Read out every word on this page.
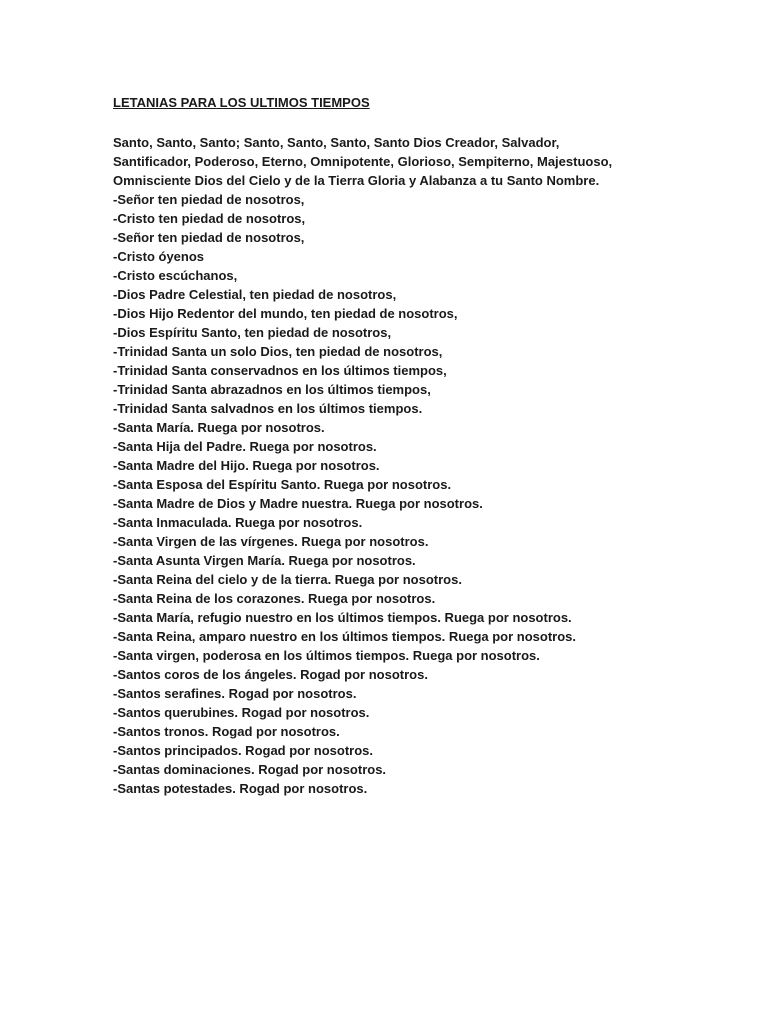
LETANIAS PARA LOS ULTIMOS TIEMPOS

Santo, Santo, Santo; Santo, Santo, Santo, Santo Dios Creador, Salvador, Santificador, Poderoso, Eterno, Omnipotente, Glorioso, Sempiterno, Majestuoso, Omnisciente Dios del Cielo y de la Tierra Gloria y Alabanza a tu Santo Nombre.

-Señor ten piedad de nosotros,
-Cristo ten piedad de nosotros,
-Señor ten piedad de nosotros,
-Cristo óyenos
-Cristo escúchanos,
-Dios Padre Celestial, ten piedad de nosotros,
-Dios Hijo Redentor del mundo, ten piedad de nosotros,
-Dios Espíritu Santo, ten piedad de nosotros,
-Trinidad Santa un solo Dios, ten piedad de nosotros,
-Trinidad Santa conservadnos en los últimos tiempos,
-Trinidad Santa abrazadnos en los últimos tiempos,
-Trinidad Santa salvadnos en los últimos tiempos.
-Santa María. Ruega por nosotros.
-Santa Hija del Padre. Ruega por nosotros.
-Santa Madre del Hijo. Ruega por nosotros.
-Santa Esposa del Espíritu Santo. Ruega por nosotros.
-Santa Madre de Dios y Madre nuestra. Ruega por nosotros.
-Santa Inmaculada. Ruega por nosotros.
-Santa Virgen de las vírgenes. Ruega por nosotros.
-Santa Asunta Virgen María. Ruega por nosotros.
-Santa Reina del cielo y de la tierra. Ruega por nosotros.
-Santa Reina de los corazones. Ruega por nosotros.
-Santa María, refugio nuestro en los últimos tiempos. Ruega por nosotros.
-Santa Reina, amparo nuestro en los últimos tiempos. Ruega por nosotros.
-Santa virgen, poderosa en los últimos tiempos. Ruega por nosotros.
-Santos coros de los ángeles. Rogad por nosotros.
-Santos serafines. Rogad por nosotros.
-Santos querubines. Rogad por nosotros.
-Santos tronos. Rogad por nosotros.
-Santos principados. Rogad por nosotros.
-Santas dominaciones. Rogad por nosotros.
-Santas potestades. Rogad por nosotros.
